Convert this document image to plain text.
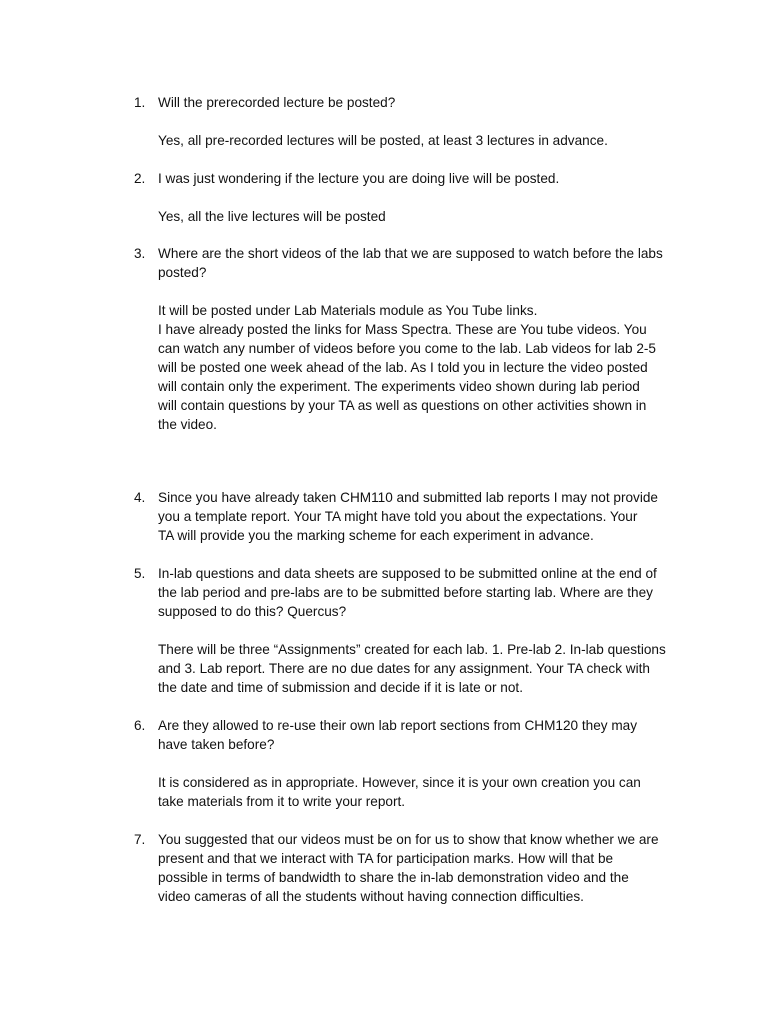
1. Will the prerecorded lecture be posted?
Yes, all pre-recorded lectures will be posted, at least 3 lectures in advance.
2. I was just wondering if the lecture you are doing live will be posted.
Yes, all the live lectures will be posted
3. Where are the short videos of the lab that we are supposed to watch before the labs
posted?
It will be posted under Lab Materials module as You Tube links.
I have already posted the links for Mass Spectra. These are You tube videos. You
can watch any number of videos before you come to the lab. Lab videos for lab 2-5
will be posted one week ahead of the lab. As I told you in lecture the video posted
will contain only the experiment. The experiments video shown during lab period
will contain questions by your TA as well as questions on other activities shown in
the video.
4. Since you have already taken CHM110 and submitted lab reports I may not provide
you a template report. Your TA might have told you about the expectations. Your
TA will provide you the marking scheme for each experiment in advance.
5. In-lab questions and data sheets are supposed to be submitted online at the end of
the lab period and pre-labs are to be submitted before starting lab. Where are they
supposed to do this? Quercus?
There will be three “Assignments” created for each lab. 1. Pre-lab 2. In-lab questions
and 3. Lab report. There are no due dates for any assignment. Your TA check with
the date and time of submission and decide if it is late or not.
6. Are they allowed to re-use their own lab report sections from CHM120 they may
have taken before?
It is considered as in appropriate. However, since it is your own creation you can
take materials from it to write your report.
7. You suggested that our videos must be on for us to show that know whether we are
present and that we interact with TA for participation marks. How will that be
possible in terms of bandwidth to share the in-lab demonstration video and the
video cameras of all the students without having connection difficulties.
